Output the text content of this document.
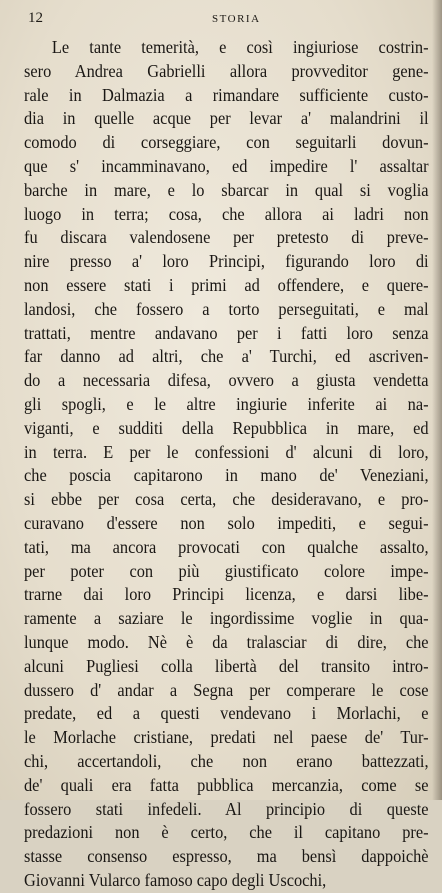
12	STORIA
Le tante temerità, e così ingiuriose costrin-
sero Andrea Gabrielli allora provveditor gene-
rale in Dalmazia a rimandare sufficiente custo-
dia in quelle acque per levar a' malandrini il
comodo di corseggiare, con seguitarli dovun-
que s' incamminavano, ed impedire l' assaltar
barche in mare, e lo sbarcar in qual si voglia
luogo in terra; cosa, che allora ai ladri non
fu discara valendosene per pretesto di preve-
nire presso a' loro Principi, figurando loro di
non essere stati i primi ad offendere, e quere-
landosi, che fossero a torto perseguitati, e mal
trattati, mentre andavano per i fatti loro senza
far danno ad altri, che a' Turchi, ed ascriven-
do a necessaria difesa, ovvero a giusta vendetta
gli spogli, e le altre ingiurie inferite ai na-
viganti, e sudditi della Repubblica in mare, ed
in terra. E per le confessioni d' alcuni di loro,
che poscia capitarono in mano de' Veneziani,
si ebbe per cosa certa, che desideravano, e pro-
curavano d'essere non solo impediti, e segui-
tati, ma ancora provocati con qualche assalto,
per poter con più giustificato colore impe-
trarne dai loro Principi licenza, e darsi libe-
ramente a saziare le ingordissime voglie in qua-
lunque modo. Nè è da tralasciar di dire, che
alcuni Pugliesi colla libertà del transito intro-
dussero d' andar a Segna per comperare le cose
predate, ed a questi vendevano i Morlachi, e
le Morlache cristiane, predati nel paese de' Tur-
chi, accertandoli, che non erano battezzati,
de' quali era fatta pubblica mercanzia, come se
fossero stati infedeli. Al principio di queste
predazioni non è certo, che il capitano pre-
stasse consenso espresso, ma bensì dappoichè
Giovanni Vularco famoso capo degli Uscochi,
